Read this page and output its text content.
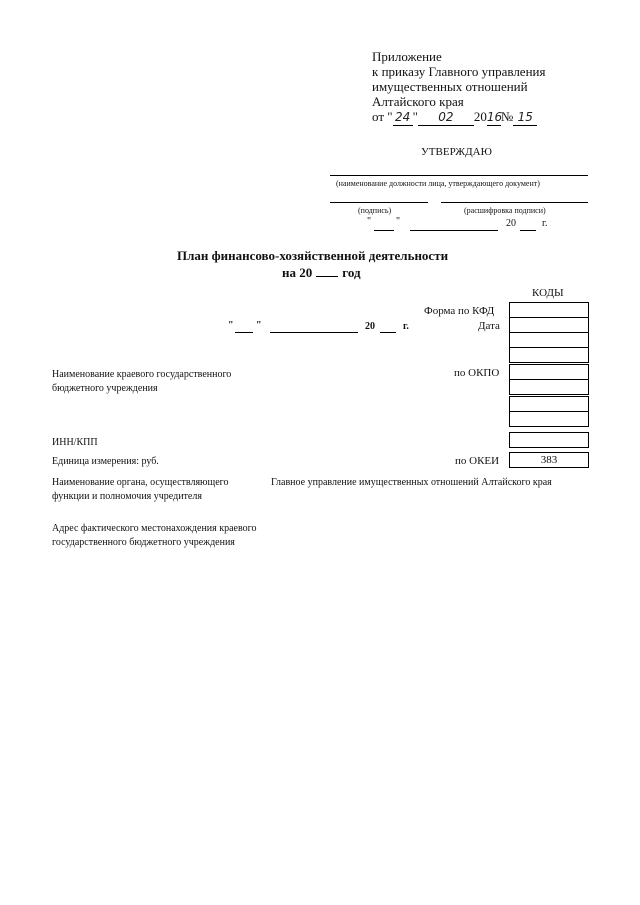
Приложение
к приказу Главного управления
имущественных отношений
Алтайского края
от " 24 " 02 2016№ 15
УТВЕРЖДАЮ
(наименование должности лица, утверждающего документ)
(подпись)	(расшифровка подписи)
" "	20	г.
План финансово-хозяйственной деятельности
на 20 год
" "	20	г.
КОДЫ
Форма по КФД
Дата
по ОКПО
по ОКЕИ	383
Наименование краевого государственного бюджетного учреждения
ИНН/КПП
Единица измерения: руб.
Наименование органа, осуществляющего функции и полномочия учредителя
Главное управление имущественных отношений Алтайского края
Адрес фактического местонахождения краевого государственного бюджетного учреждения
